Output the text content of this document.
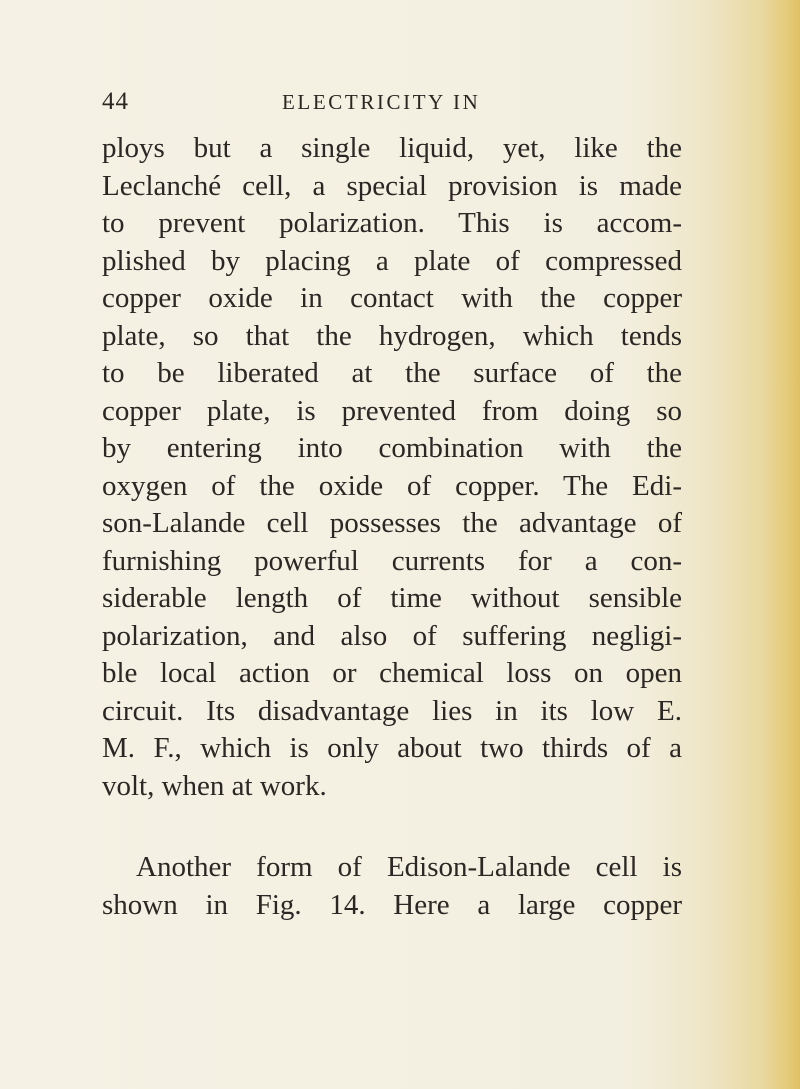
44	ELECTRICITY IN
ploys but a single liquid, yet, like the
Leclanché cell, a special provision is made
to prevent polarization. This is accom-
plished by placing a plate of compressed
copper oxide in contact with the copper
plate, so that the hydrogen, which tends
to be liberated at the surface of the
copper plate, is prevented from doing so
by entering into combination with the
oxygen of the oxide of copper. The Edi-
son-Lalande cell possesses the advantage of
furnishing powerful currents for a con-
siderable length of time without sensible
polarization, and also of suffering negligi-
ble local action or chemical loss on open
circuit. Its disadvantage lies in its low E.
M. F., which is only about two thirds of a
volt, when at work.
Another form of Edison-Lalande cell is
shown in Fig. 14. Here a large copper
